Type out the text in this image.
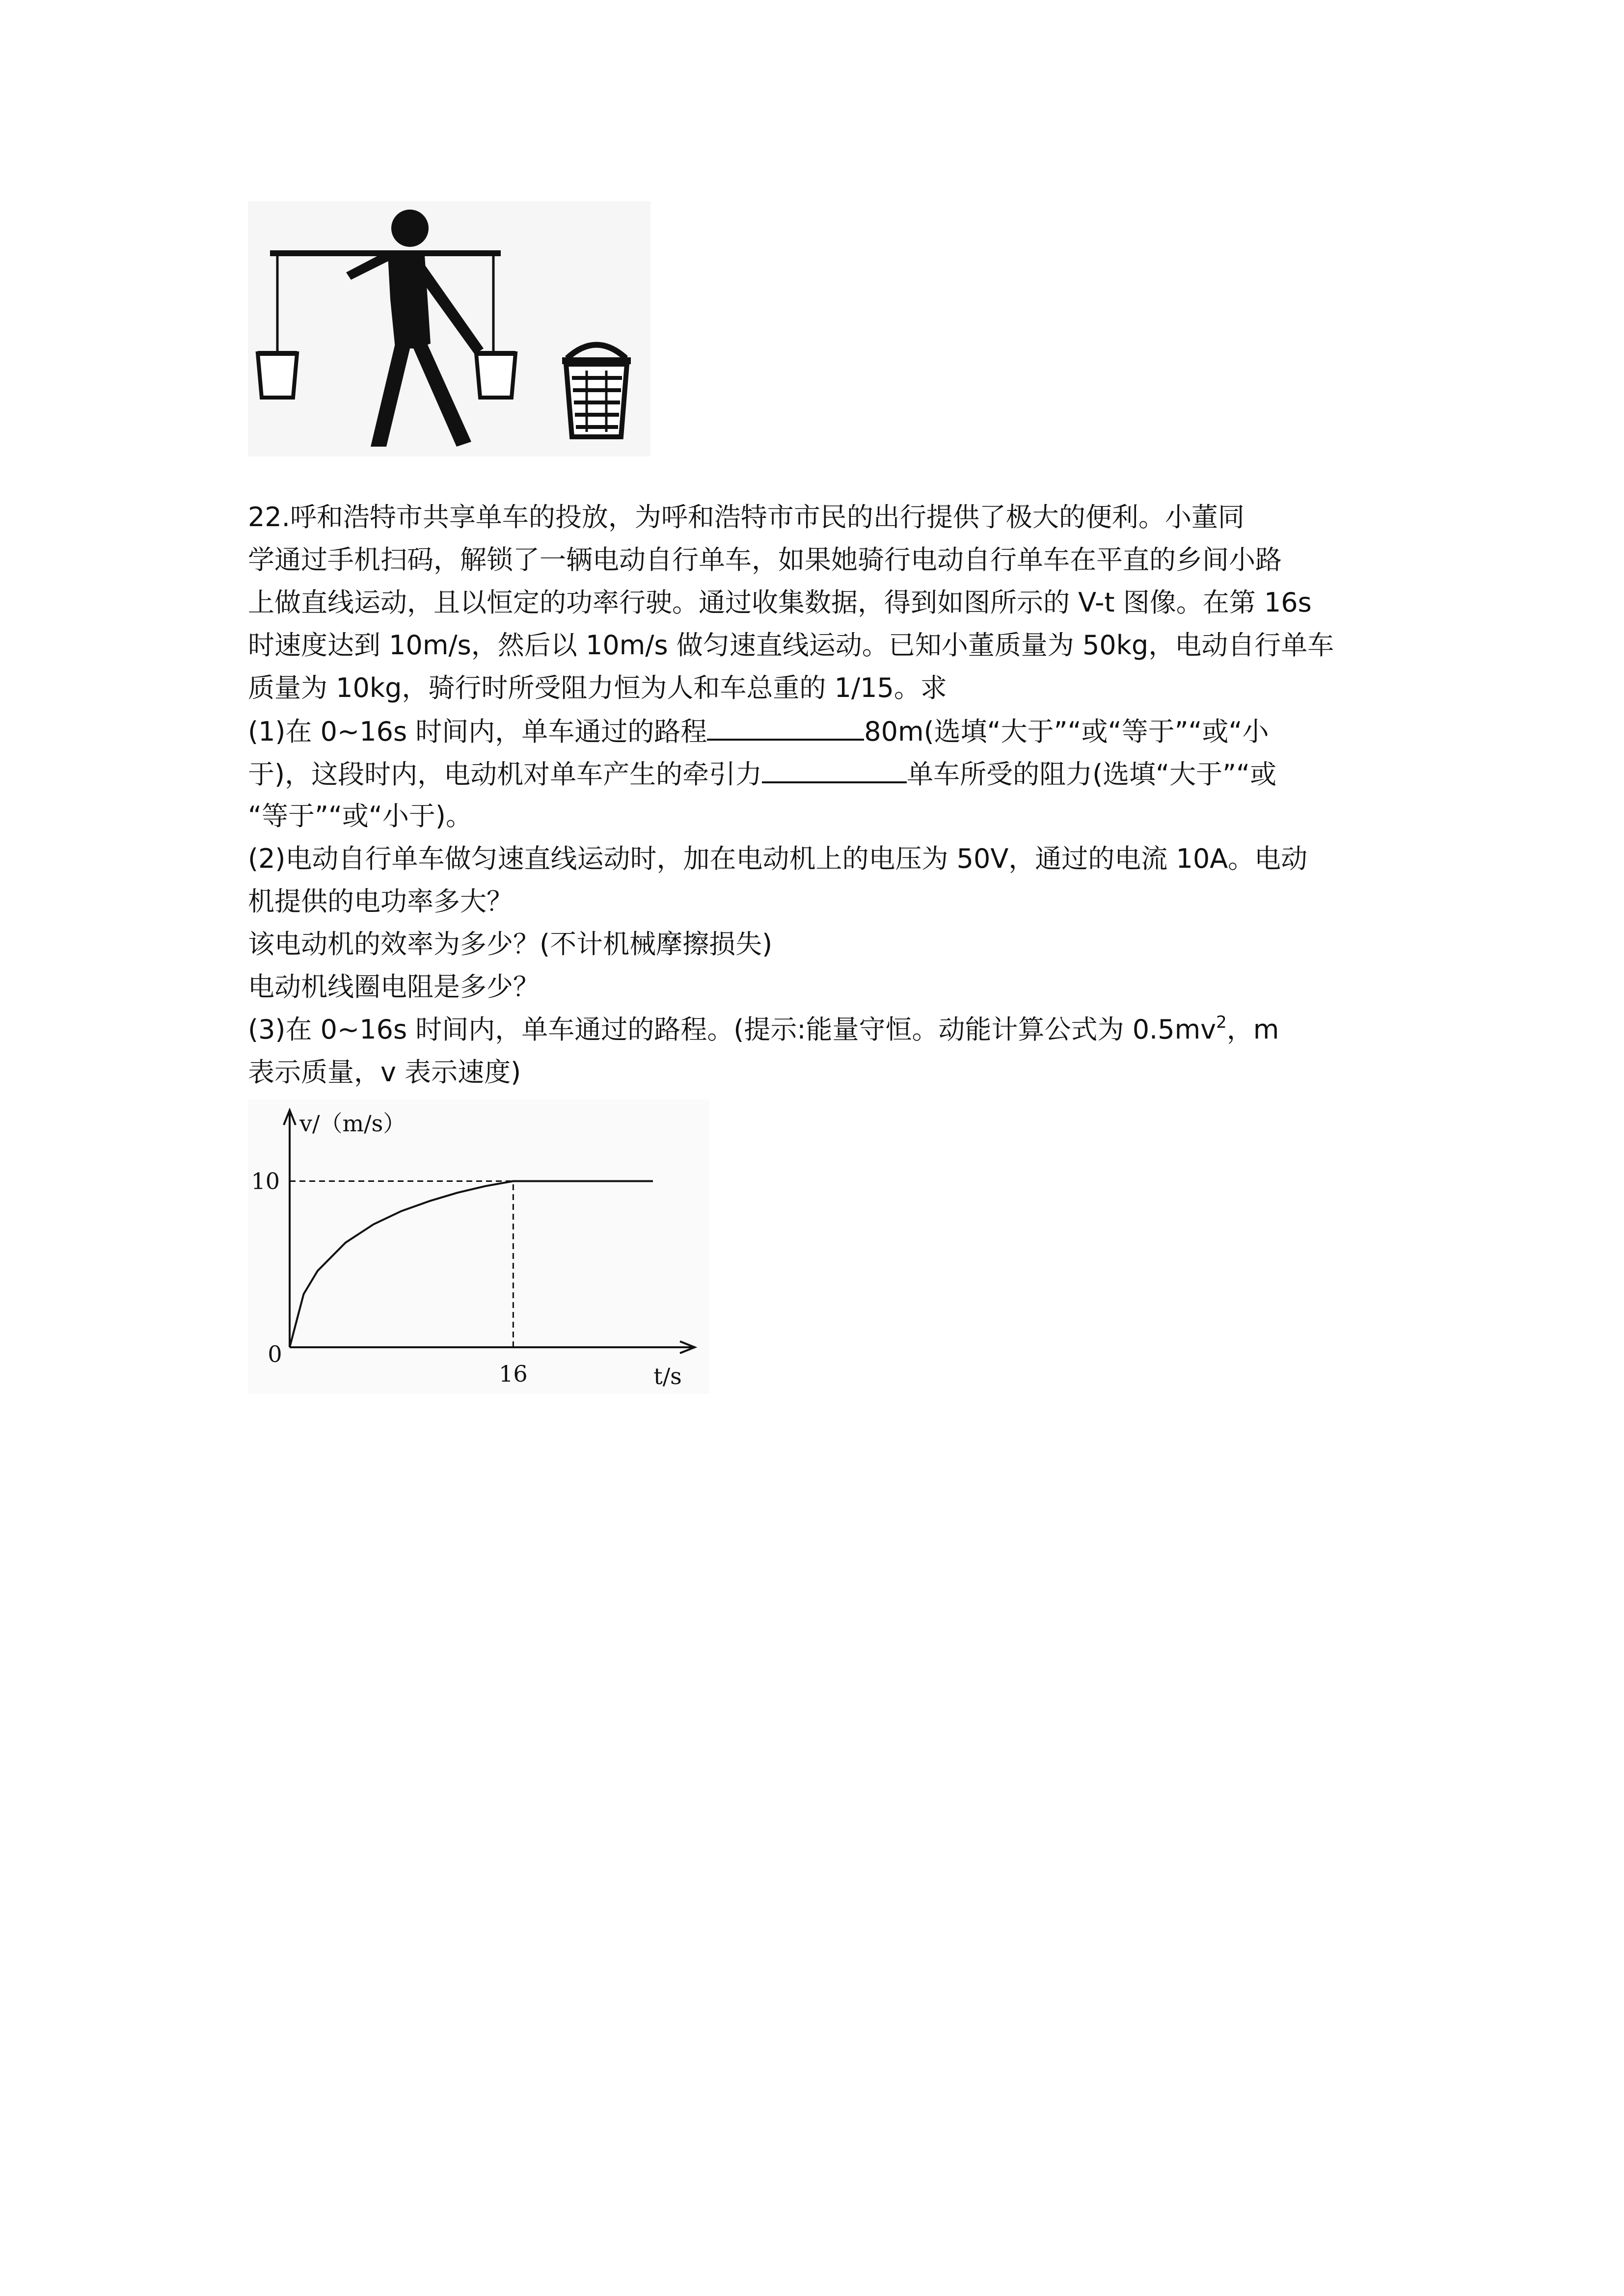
22.呼和浩特市共享单车的投放，为呼和浩特市市民的出行提供了极大的便利。小董同
学通过手机扫码，解锁了一辆电动自行单车，如果她骑行电动自行单车在平直的乡间小路
上做直线运动，且以恒定的功率行驶。通过收集数据，得到如图所示的 V-t 图像。在第 16s
时速度达到 10m/s，然后以 10m/s 做匀速直线运动。已知小董质量为 50kg，电动自行单车
质量为 10kg，骑行时所受阻力恒为人和车总重的 1/15。求
(1)在 0~16s 时间内，单车通过的路程	80m(选填“大于”“或“等于”“或“小
于)，这段时内，电动机对单车产生的牵引力	单车所受的阻力(选填“大于”“或
“等于”“或“小于)。
(2)电动自行单车做匀速直线运动时，加在电动机上的电压为 50V，通过的电流 10A。电动
机提供的电功率多大？
该电动机的效率为多少？(不计机械摩擦损失)
电动机线圈电阻是多少？
(3)在 0~16s 时间内，单车通过的路程。(提示:能量守恒。动能计算公式为 $0.5mv^2$，m
表示质量，v 表示速度)
v/（m/s）
t/s
0
10
16
